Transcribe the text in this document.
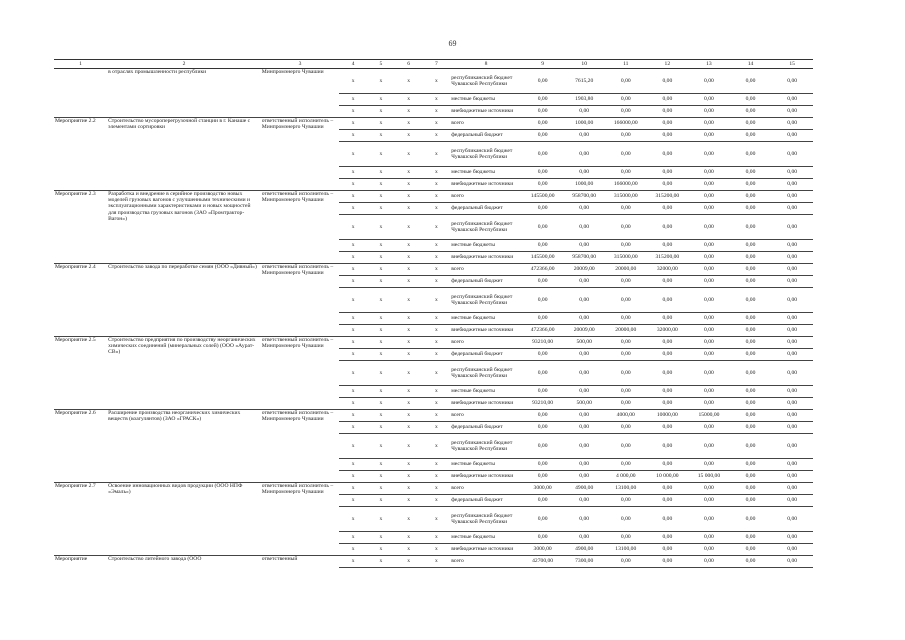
69
1	2	3	4	5	6	7	8	9	10	11	12	13	14	15
	в отраслях промышленности республики	Минпромэнерго Чувашии	x	x	x	x	республиканский бюджет Чувашской Республики	0,00	7615,20	0,00	0,00	0,00	0,00	0,00
			x	x	x	x	местные бюджеты	0,00	1903,80	0,00	0,00	0,00	0,00	0,00
			x	x	x	x	внебюджетные источники	0,00	0,00	0,00	0,00	0,00	0,00	0,00
Мероприятие 2.2	Строительство мусороперегрузочной станции в г. Канаше с элементами сортировки	ответственный исполнитель – Минпромэнерго Чувашии	x	x	x	x	всего	0,00	1000,00	166000,00	0,00	0,00	0,00	0,00
			x	x	x	x	федеральный бюджет	0,00	0,00	0,00	0,00	0,00	0,00	0,00
			x	x	x	x	республиканский бюджет Чувашской Республики	0,00	0,00	0,00	0,00	0,00	0,00	0,00
			x	x	x	x	местные бюджеты	0,00	0,00	0,00	0,00	0,00	0,00	0,00
			x	x	x	x	внебюджетные источники	0,00	1000,00	166000,00	0,00	0,00	0,00	0,00
Мероприятие 2.3	Разработка и внедрение в серийное производство новых моделей грузовых вагонов с улучшенными техническими и эксплуатационными характеристиками и новых мощностей для производства грузовых вагонов (ЗАО «Промтрактор-Вагон»)	ответственный исполнитель – Минпромэнерго Чувашии	x	x	x	x	всего	145500,00	958700,00	315000,00	315200,00	0,00	0,00	0,00
			x	x	x	x	федеральный бюджет	0,00	0,00	0,00	0,00	0,00	0,00	0,00
			x	x	x	x	республиканский бюджет Чувашской Республики	0,00	0,00	0,00	0,00	0,00	0,00	0,00
			x	x	x	x	местные бюджеты	0,00	0,00	0,00	0,00	0,00	0,00	0,00
			x	x	x	x	внебюджетные источники	145500,00	958700,00	315000,00	315200,00	0,00	0,00	0,00
Мероприятие 2.4	Строительство завода по переработке семян (ООО «Дивный»)	ответственный исполнитель – Минпромэнерго Чувашии	x	x	x	x	всего	472366,00	20009,00	20000,00	32000,00	0,00	0,00	0,00
			x	x	x	x	федеральный бюджет	0,00	0,00	0,00	0,00	0,00	0,00	0,00
			x	x	x	x	республиканский бюджет Чувашской Республики	0,00	0,00	0,00	0,00	0,00	0,00	0,00
			x	x	x	x	местные бюджеты	0,00	0,00	0,00	0,00	0,00	0,00	0,00
			x	x	x	x	внебюджетные источники	472366,00	20009,00	20000,00	32000,00	0,00	0,00	0,00
Мероприятие 2.5	Строительство предприятия по производству неорганических химических соединений (минеральных солей) (ООО «Аурат-СВ»)	ответственный исполнитель – Минпромэнерго Чувашии	x	x	x	x	всего	93210,00	500,00	0,00	0,00	0,00	0,00	0,00
			x	x	x	x	федеральный бюджет	0,00	0,00	0,00	0,00	0,00	0,00	0,00
			x	x	x	x	республиканский бюджет Чувашской Республики	0,00	0,00	0,00	0,00	0,00	0,00	0,00
			x	x	x	x	местные бюджеты	0,00	0,00	0,00	0,00	0,00	0,00	0,00
			x	x	x	x	внебюджетные источники	93210,00	500,00	0,00	0,00	0,00	0,00	0,00
Мероприятие 2.6	Расширение производства неорганических химических веществ (коагулянтов) (ЗАО «ГРАСК»)	ответственный исполнитель – Минпромэнерго Чувашии	x	x	x	x	всего	0,00	0,00	4000,00	10000,00	15000,00	0,00	0,00
			x	x	x	x	федеральный бюджет	0,00	0,00	0,00	0,00	0,00	0,00	0,00
			x	x	x	x	республиканский бюджет Чувашской Республики	0,00	0,00	0,00	0,00	0,00	0,00	0,00
			x	x	x	x	местные бюджеты	0,00	0,00	0,00	0,00	0,00	0,00	0,00
			x	x	x	x	внебюджетные источники	0,00	0,00	4 000,00	10 000,00	15 000,00	0,00	0,00
Мероприятие 2.7	Освоение инновационных видов продукции (ООО НПФ «Эмаль»)	ответственный исполнитель – Минпромэнерго Чувашии	x	x	x	x	всего	3000,00	4900,00	13100,00	0,00	0,00	0,00	0,00
			x	x	x	x	федеральный бюджет	0,00	0,00	0,00	0,00	0,00	0,00	0,00
			x	x	x	x	республиканский бюджет Чувашской Республики	0,00	0,00	0,00	0,00	0,00	0,00	0,00
			x	x	x	x	местные бюджеты	0,00	0,00	0,00	0,00	0,00	0,00	0,00
			x	x	x	x	внебюджетные источники	3000,00	4900,00	13100,00	0,00	0,00	0,00	0,00
Мероприятие	Строительство литейного завода (ООО	ответственный	x	x	x	x	всего	42700,00	7300,00	0,00	0,00	0,00	0,00	0,00
